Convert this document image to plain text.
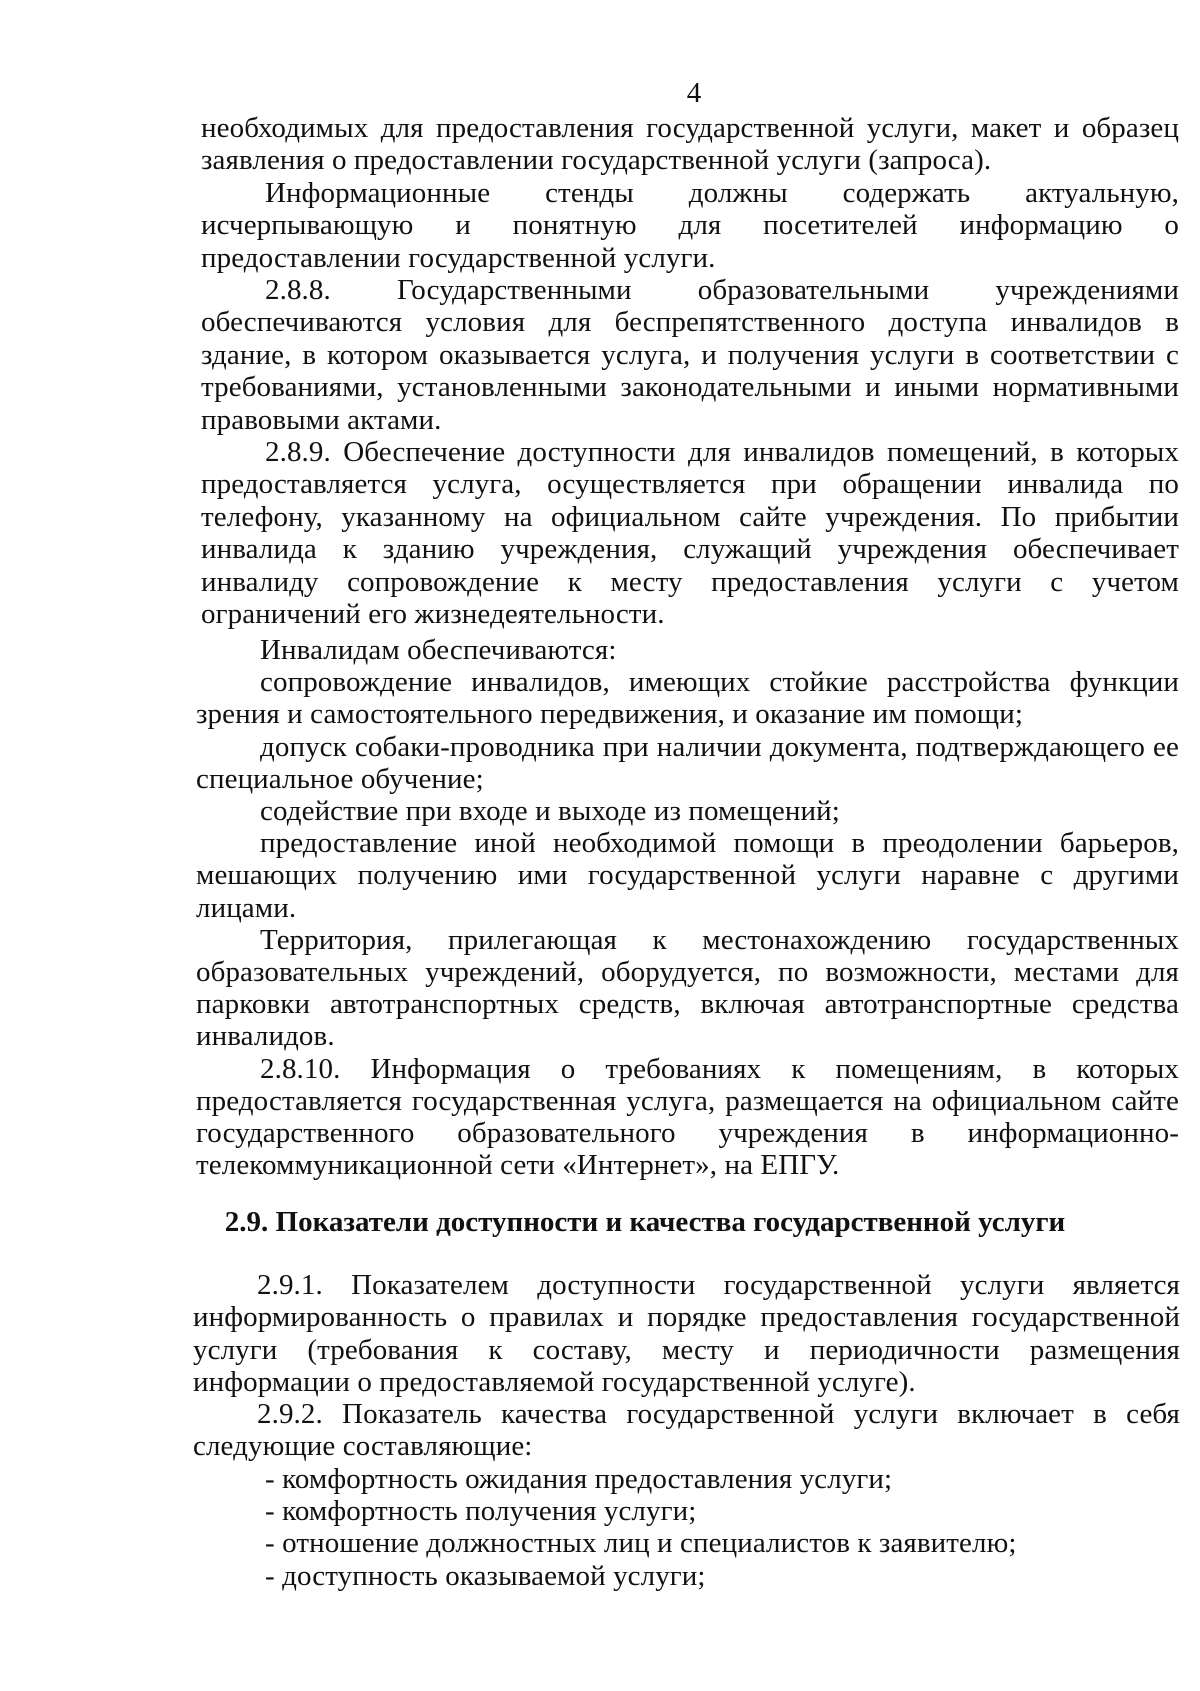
4

необходимых для предоставления государственной услуги, макет и образец заявления о предоставлении государственной услуги (запроса).

Информационные стенды должны содержать актуальную, исчерпывающую и понятную для посетителей информацию о предоставлении государственной услуги.

2.8.8. Государственными образовательными учреждениями обеспечиваются условия для беспрепятственного доступа инвалидов в здание, в котором оказывается услуга, и получения услуги в соответствии с требованиями, установленными законодательными и иными нормативными правовыми актами.

2.8.9. Обеспечение доступности для инвалидов помещений, в которых предоставляется услуга, осуществляется при обращении инвалида по телефону, указанному на официальном сайте учреждения. По прибытии инвалида к зданию учреждения, служащий учреждения обеспечивает инвалиду сопровождение к месту предоставления услуги с учетом ограничений его жизнедеятельности.

Инвалидам обеспечиваются:

сопровождение инвалидов, имеющих стойкие расстройства функции зрения и самостоятельного передвижения, и оказание им помощи;

допуск собаки-проводника при наличии документа, подтверждающего ее специальное обучение;

содействие при входе и выходе из помещений;

предоставление иной необходимой помощи в преодолении барьеров, мешающих получению ими государственной услуги наравне с другими лицами.

Территория, прилегающая к местонахождению государственных образовательных учреждений, оборудуется, по возможности, местами для парковки автотранспортных средств, включая автотранспортные средства инвалидов.

2.8.10. Информация о требованиях к помещениям, в которых предоставляется государственная услуга, размещается на официальном сайте государственного образовательного учреждения в информационно-телекоммуникационной сети «Интернет», на ЕПГУ.

2.9. Показатели доступности и качества государственной услуги

2.9.1. Показателем доступности государственной услуги является информированность о правилах и порядке предоставления государственной услуги (требования к составу, месту и периодичности размещения информации о предоставляемой государственной услуге).

2.9.2. Показатель качества государственной услуги включает в себя следующие составляющие:

- комфортность ожидания предоставления услуги;

- комфортность получения услуги;

- отношение должностных лиц и специалистов к заявителю;

- доступность оказываемой услуги;
